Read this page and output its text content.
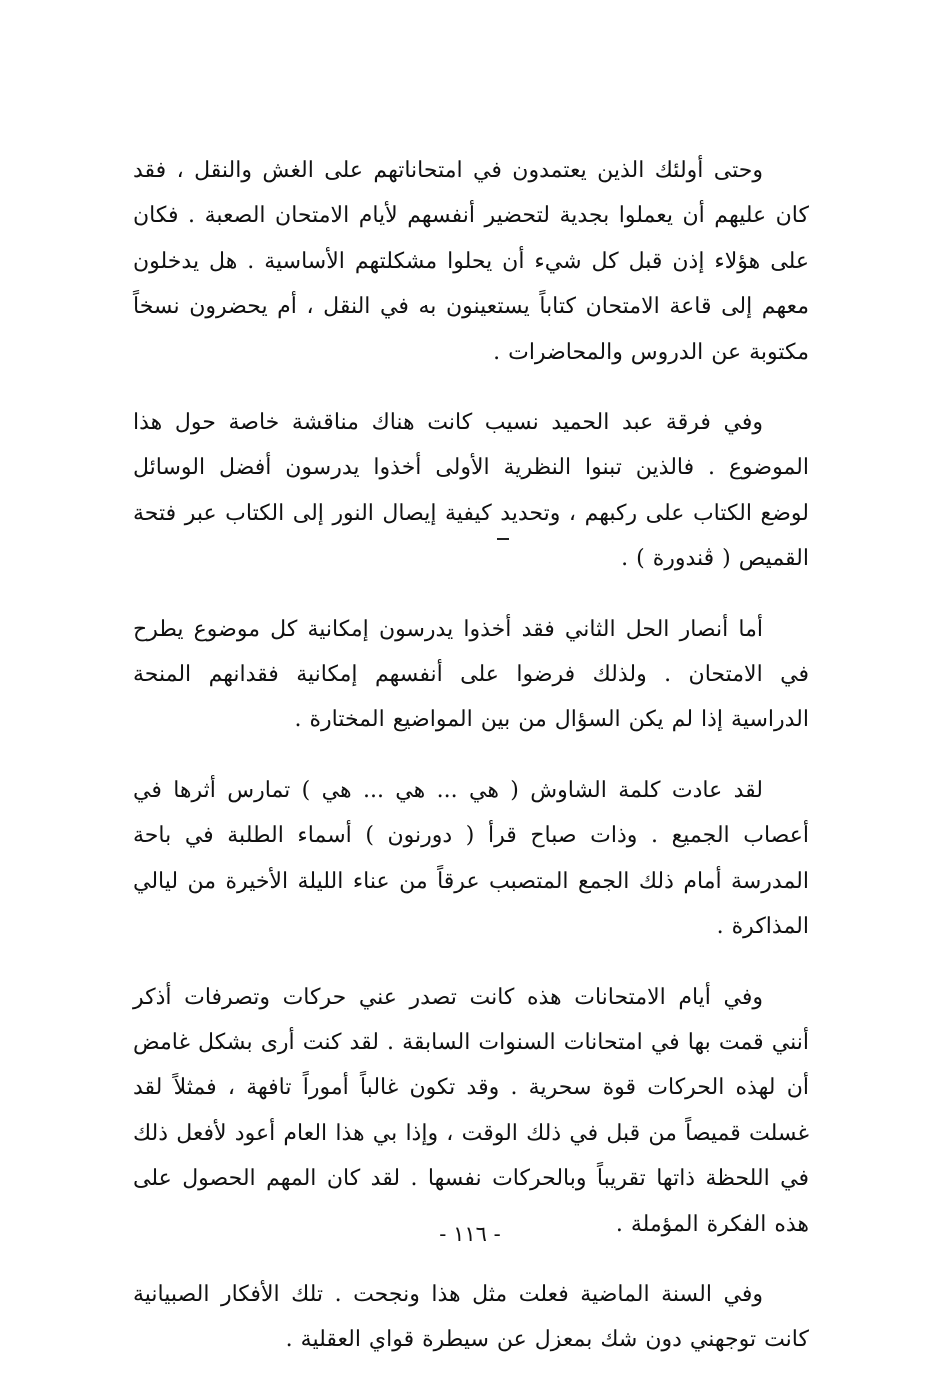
وحتى أولئك الذين يعتمدون في امتحاناتهم على الغش والنقل ، فقد كان عليهم أن يعملوا بجدية لتحضير أنفسهم لأيام الامتحان الصعبة . فكان على هؤلاء إذن قبل كل شيء أن يحلوا مشكلتهم الأساسية . هل يدخلون معهم إلى قاعة الامتحان كتاباً يستعينون به في النقل ، أم يحضرون نسخاً مكتوبة عن الدروس والمحاضرات .

وفي فرقة عبد الحميد نسيب كانت هناك مناقشة خاصة حول هذا الموضوع . فالذين تبنوا النظرية الأولى أخذوا يدرسون أفضل الوسائل لوضع الكتاب على ركبهم ، وتحديد كيفية إيصال النور إلى الكتاب عبر فتحة القميص ( ڤندورة ) .

أما أنصار الحل الثاني فقد أخذوا يدرسون إمكانية كل موضوع يطرح في الامتحان . ولذلك فرضوا على أنفسهم إمكانية فقدانهم المنحة الدراسية إذا لم يكن السؤال من بين المواضيع المختارة .

لقد عادت كلمة الشاوش ( هي ... هي ... هي ) تمارس أثرها في أعصاب الجميع . وذات صباح قرأ ( دورنون ) أسماء الطلبة في باحة المدرسة أمام ذلك الجمع المتصبب عرقاً من عناء الليلة الأخيرة من ليالي المذاكرة .

وفي أيام الامتحانات هذه كانت تصدر عني حركات وتصرفات أذكر أنني قمت بها في امتحانات السنوات السابقة . لقد كنت أرى بشكل غامض أن لهذه الحركات قوة سحرية . وقد تكون غالباً أموراً تافهة ، فمثلاً لقد غسلت قميصاً من قبل في ذلك الوقت ، وإذا بي هذا العام أعود لأفعل ذلك في اللحظة ذاتها تقريباً وبالحركات نفسها . لقد كان المهم الحصول على هذه الفكرة المؤملة .

وفي السنة الماضية فعلت مثل هذا ونجحت . تلك الأفكار الصبيانية كانت توجهني دون شك بمعزل عن سيطرة قواي العقلية .

- ١١٦ -
